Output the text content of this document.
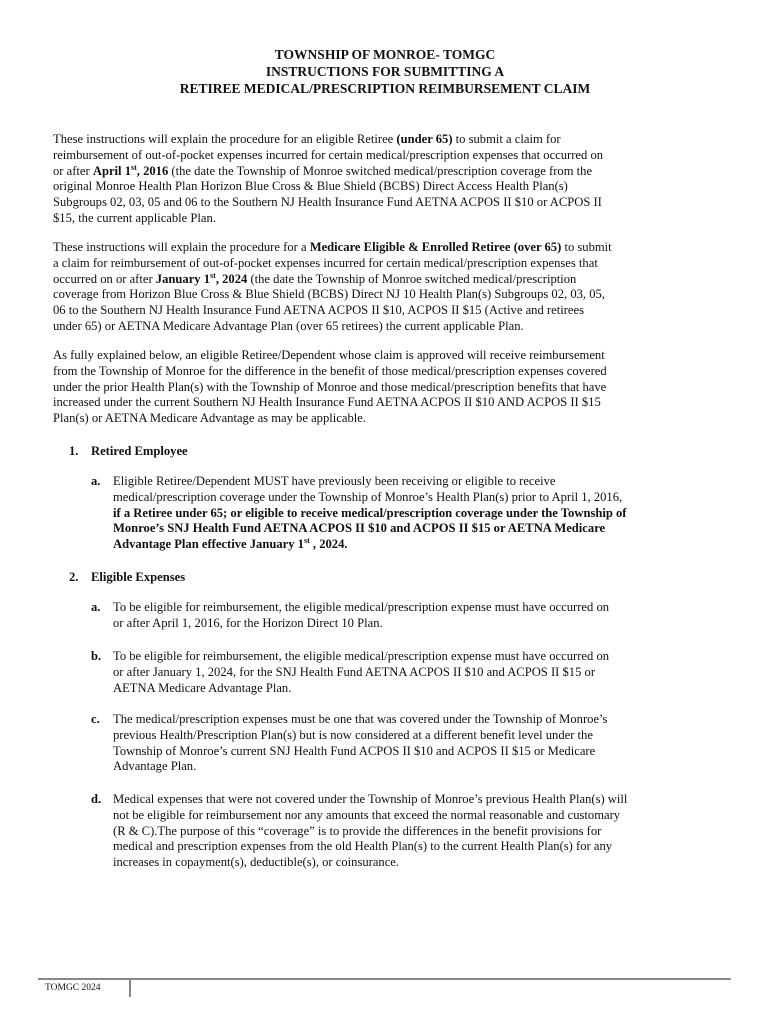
TOWNSHIP OF MONROE- TOMGC
INSTRUCTIONS FOR SUBMITTING A
RETIREE MEDICAL/PRESCRIPTION REIMBURSEMENT CLAIM
These instructions will explain the procedure for an eligible Retiree (under 65) to submit a claim for
reimbursement of out-of-pocket expenses incurred for certain medical/prescription expenses that occurred on
or after April 1st, 2016 (the date the Township of Monroe switched medical/prescription coverage from the
original Monroe Health Plan Horizon Blue Cross & Blue Shield (BCBS) Direct Access Health Plan(s)
Subgroups 02, 03, 05 and 06 to the Southern NJ Health Insurance Fund AETNA ACPOS II $10 or ACPOS II
$15, the current applicable Plan.
These instructions will explain the procedure for a Medicare Eligible & Enrolled Retiree (over 65) to submit
a claim for reimbursement of out-of-pocket expenses incurred for certain medical/prescription expenses that
occurred on or after January 1st, 2024 (the date the Township of Monroe switched medical/prescription
coverage from Horizon Blue Cross & Blue Shield (BCBS) Direct NJ 10 Health Plan(s) Subgroups 02, 03, 05,
06 to the Southern NJ Health Insurance Fund AETNA ACPOS II $10, ACPOS II $15 (Active and retirees
under 65) or AETNA Medicare Advantage Plan (over 65 retirees) the current applicable Plan.
As fully explained below, an eligible Retiree/Dependent whose claim is approved will receive reimbursement
from the Township of Monroe for the difference in the benefit of those medical/prescription expenses covered
under the prior Health Plan(s) with the Township of Monroe and those medical/prescription benefits that have
increased under the current Southern NJ Health Insurance Fund AETNA ACPOS II $10 AND ACPOS II $15
Plan(s) or AETNA Medicare Advantage as may be applicable.
1. Retired Employee
a. Eligible Retiree/Dependent MUST have previously been receiving or eligible to receive
medical/prescription coverage under the Township of Monroe’s Health Plan(s) prior to April 1, 2016,
if a Retiree under 65; or eligible to receive medical/prescription coverage under the Township of
Monroe’s SNJ Health Fund AETNA ACPOS II $10 and ACPOS II $15 or AETNA Medicare
Advantage Plan effective January 1st , 2024.
2. Eligible Expenses
a. To be eligible for reimbursement, the eligible medical/prescription expense must have occurred on
or after April 1, 2016, for the Horizon Direct 10 Plan.
b. To be eligible for reimbursement, the eligible medical/prescription expense must have occurred on
or after January 1, 2024, for the SNJ Health Fund AETNA ACPOS II $10 and ACPOS II $15 or
AETNA Medicare Advantage Plan.
c. The medical/prescription expenses must be one that was covered under the Township of Monroe’s
previous Health/Prescription Plan(s) but is now considered at a different benefit level under the
Township of Monroe’s current SNJ Health Fund ACPOS II $10 and ACPOS II $15 or Medicare
Advantage Plan.
d. Medical expenses that were not covered under the Township of Monroe’s previous Health Plan(s) will
not be eligible for reimbursement nor any amounts that exceed the normal reasonable and customary
(R & C).The purpose of this “coverage” is to provide the differences in the benefit provisions for
medical and prescription expenses from the old Health Plan(s) to the current Health Plan(s) for any
increases in copayment(s), deductible(s), or coinsurance.
TOMGC 2024
